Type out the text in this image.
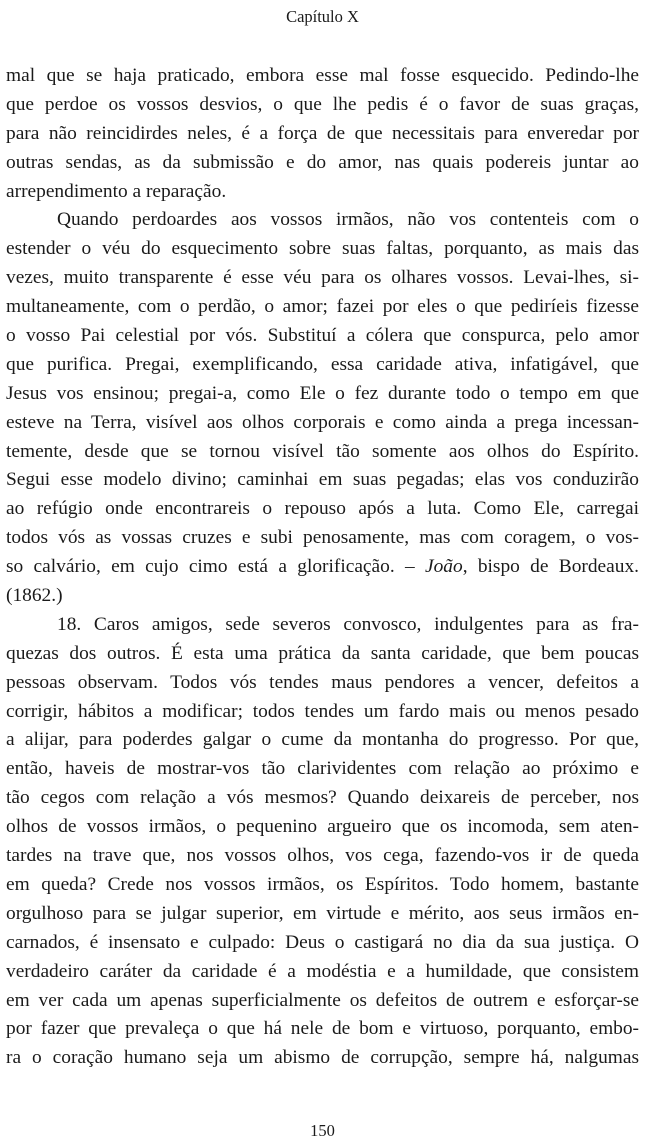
Capítulo X
mal que se haja praticado, embora esse mal fosse esquecido. Pedindo-lhe
que perdoe os vossos desvios, o que lhe pedis é o favor de suas graças,
para não reincidirdes neles, é a força de que necessitais para enveredar por
outras sendas, as da submissão e do amor, nas quais podereis juntar ao
arrependimento a reparação.
Quando perdoardes aos vossos irmãos, não vos contenteis com o
estender o véu do esquecimento sobre suas faltas, porquanto, as mais das
vezes, muito transparente é esse véu para os olhares vossos. Levai-lhes, si-
multaneamente, com o perdão, o amor; fazei por eles o que pediríeis fizesse
o vosso Pai celestial por vós. Substituí a cólera que conspurca, pelo amor
que purifica. Pregai, exemplificando, essa caridade ativa, infatigável, que
Jesus vos ensinou; pregai-a, como Ele o fez durante todo o tempo em que
esteve na Terra, visível aos olhos corporais e como ainda a prega incessan-
temente, desde que se tornou visível tão somente aos olhos do Espírito.
Segui esse modelo divino; caminhai em suas pegadas; elas vos conduzirão
ao refúgio onde encontrareis o repouso após a luta. Como Ele, carregai
todos vós as vossas cruzes e subi penosamente, mas com coragem, o vos-
so calvário, em cujo cimo está a glorificação. – João, bispo de Bordeaux.
(1862.)
18. Caros amigos, sede severos convosco, indulgentes para as fra-
quezas dos outros. É esta uma prática da santa caridade, que bem poucas
pessoas observam. Todos vós tendes maus pendores a vencer, defeitos a
corrigir, hábitos a modificar; todos tendes um fardo mais ou menos pesado
a alijar, para poderdes galgar o cume da montanha do progresso. Por que,
então, haveis de mostrar-vos tão clarividentes com relação ao próximo e
tão cegos com relação a vós mesmos? Quando deixareis de perceber, nos
olhos de vossos irmãos, o pequenino argueiro que os incomoda, sem aten-
tardes na trave que, nos vossos olhos, vos cega, fazendo-vos ir de queda
em queda? Crede nos vossos irmãos, os Espíritos. Todo homem, bastante
orgulhoso para se julgar superior, em virtude e mérito, aos seus irmãos en-
carnados, é insensato e culpado: Deus o castigará no dia da sua justiça. O
verdadeiro caráter da caridade é a modéstia e a humildade, que consistem
em ver cada um apenas superficialmente os defeitos de outrem e esforçar-se
por fazer que prevaleça o que há nele de bom e virtuoso, porquanto, embo-
ra o coração humano seja um abismo de corrupção, sempre há, nalgumas
150
